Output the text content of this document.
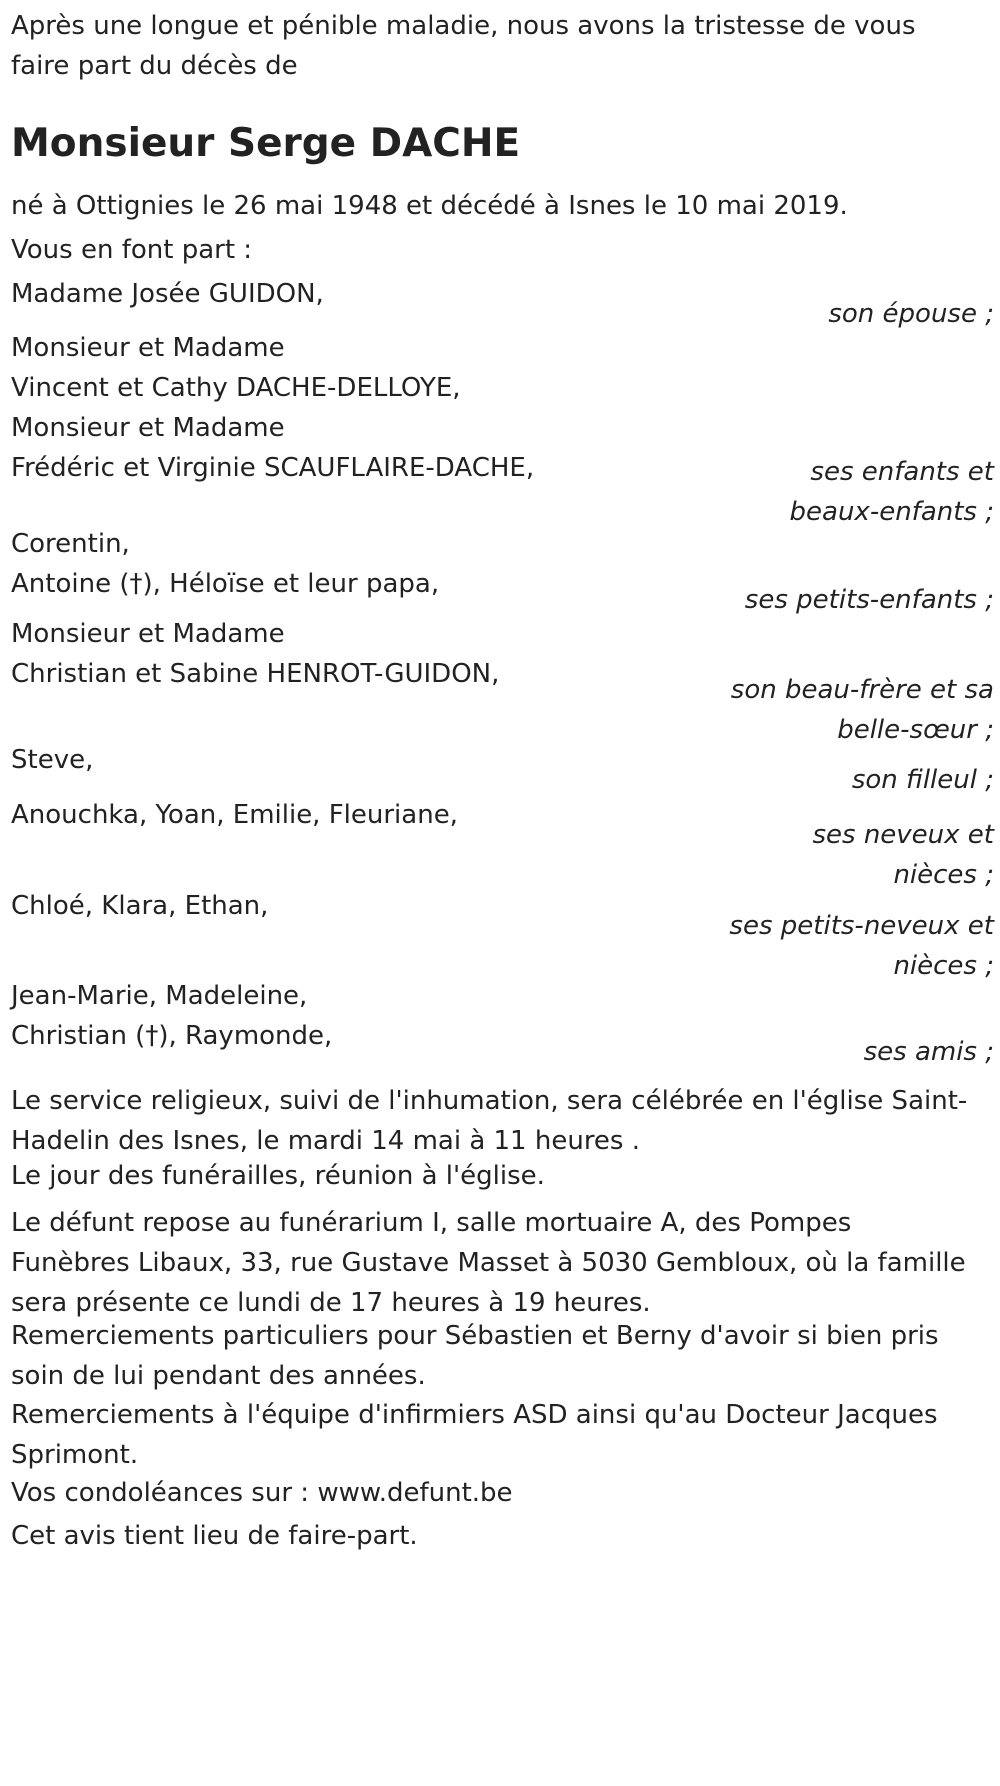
Après une longue et pénible maladie, nous avons la tristesse de vous
faire part du décès de

Monsieur Serge DACHE

né à Ottignies le 26 mai 1948 et décédé à Isnes le 10 mai 2019.

Vous en font part :

Madame Josée GUIDON,
son épouse ;
Monsieur et Madame
Vincent et Cathy DACHE-DELLOYE,
Monsieur et Madame
Frédéric et Virginie SCAUFLAIRE-DACHE,	ses enfants et
beaux-enfants ;
Corentin,
Antoine (†), Héloïse et leur papa,
ses petits-enfants ;
Monsieur et Madame
Christian et Sabine HENROT-GUIDON,
son beau-frère et sa
belle-sœur ;
Steve,
son filleul ;
Anouchka, Yoan, Emilie, Fleuriane,
ses neveux et
nièces ;
Chloé, Klara, Ethan,
ses petits-neveux et
nièces ;
Jean-Marie, Madeleine,
Christian (†), Raymonde,
ses amis ;
Le service religieux, suivi de l'inhumation, sera célébrée en l'église Saint-
Hadelin des Isnes, le mardi 14 mai à 11 heures .
Le jour des funérailles, réunion à l'église.
Le défunt repose au funérarium I, salle mortuaire A, des Pompes
Funèbres Libaux, 33, rue Gustave Masset à 5030 Gembloux, où la famille
sera présente ce lundi de 17 heures à 19 heures.
Remerciements particuliers pour Sébastien et Berny d'avoir si bien pris
soin de lui pendant des années.
Remerciements à l'équipe d'infirmiers ASD ainsi qu'au Docteur Jacques
Sprimont.
Vos condoléances sur : www.defunt.be
Cet avis tient lieu de faire-part.
